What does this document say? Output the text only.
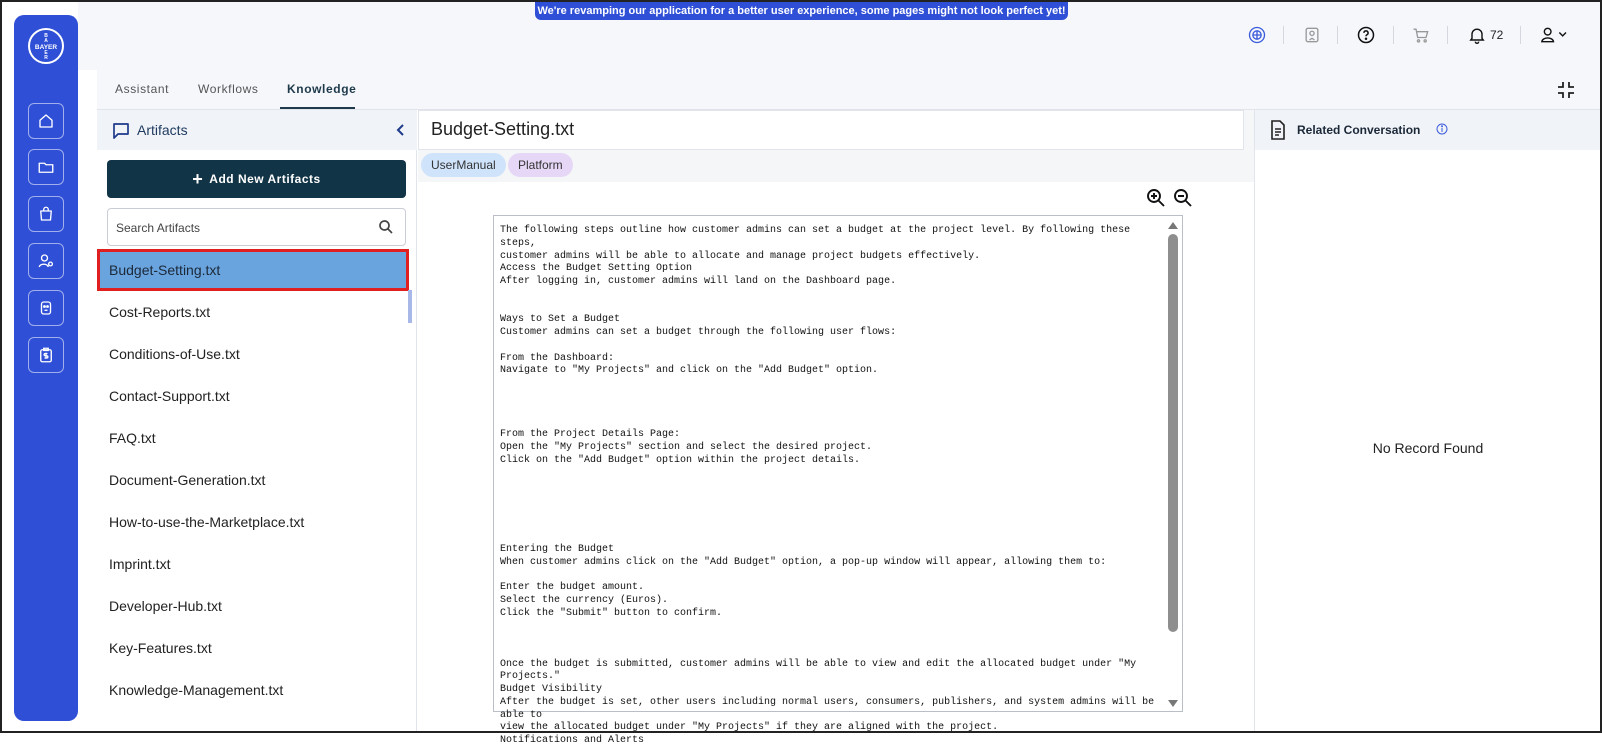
BAYER
B
A
E
R
We're revamping our application for a better user experience, some pages might not look perfect yet!
72
Assistant Workflows Knowledge
Artifacts
+ Add New Artifacts
Search Artifacts
Budget-Setting.txt
Cost-Reports.txt
Conditions-of-Use.txt
Contact-Support.txt
FAQ.txt
Document-Generation.txt
How-to-use-the-Marketplace.txt
Imprint.txt
Developer-Hub.txt
Key-Features.txt
Knowledge-Management.txt
Budget-Setting.txt
UserManual	Platform
The following steps outline how customer admins can set a budget at the project level. By following these steps,
customer admins will be able to allocate and manage project budgets effectively.
Access the Budget Setting Option
After logging in, customer admins will land on the Dashboard page.

Ways to Set a Budget
Customer admins can set a budget through the following user flows:

From the Dashboard:
Navigate to "My Projects" and click on the "Add Budget" option.

From the Project Details Page:
Open the "My Projects" section and select the desired project.
Click on the "Add Budget" option within the project details.

Entering the Budget
When customer admins click on the "Add Budget" option, a pop-up window will appear, allowing them to:

Enter the budget amount.
Select the currency (Euros).
Click the "Submit" button to confirm.

Once the budget is submitted, customer admins will be able to view and edit the allocated budget under "My Projects."
Budget Visibility
After the budget is set, other users including normal users, consumers, publishers, and system admins will be able to
view the allocated budget under "My Projects" if they are aligned with the project.
Notifications and Alerts
Related Conversation
No Record Found
